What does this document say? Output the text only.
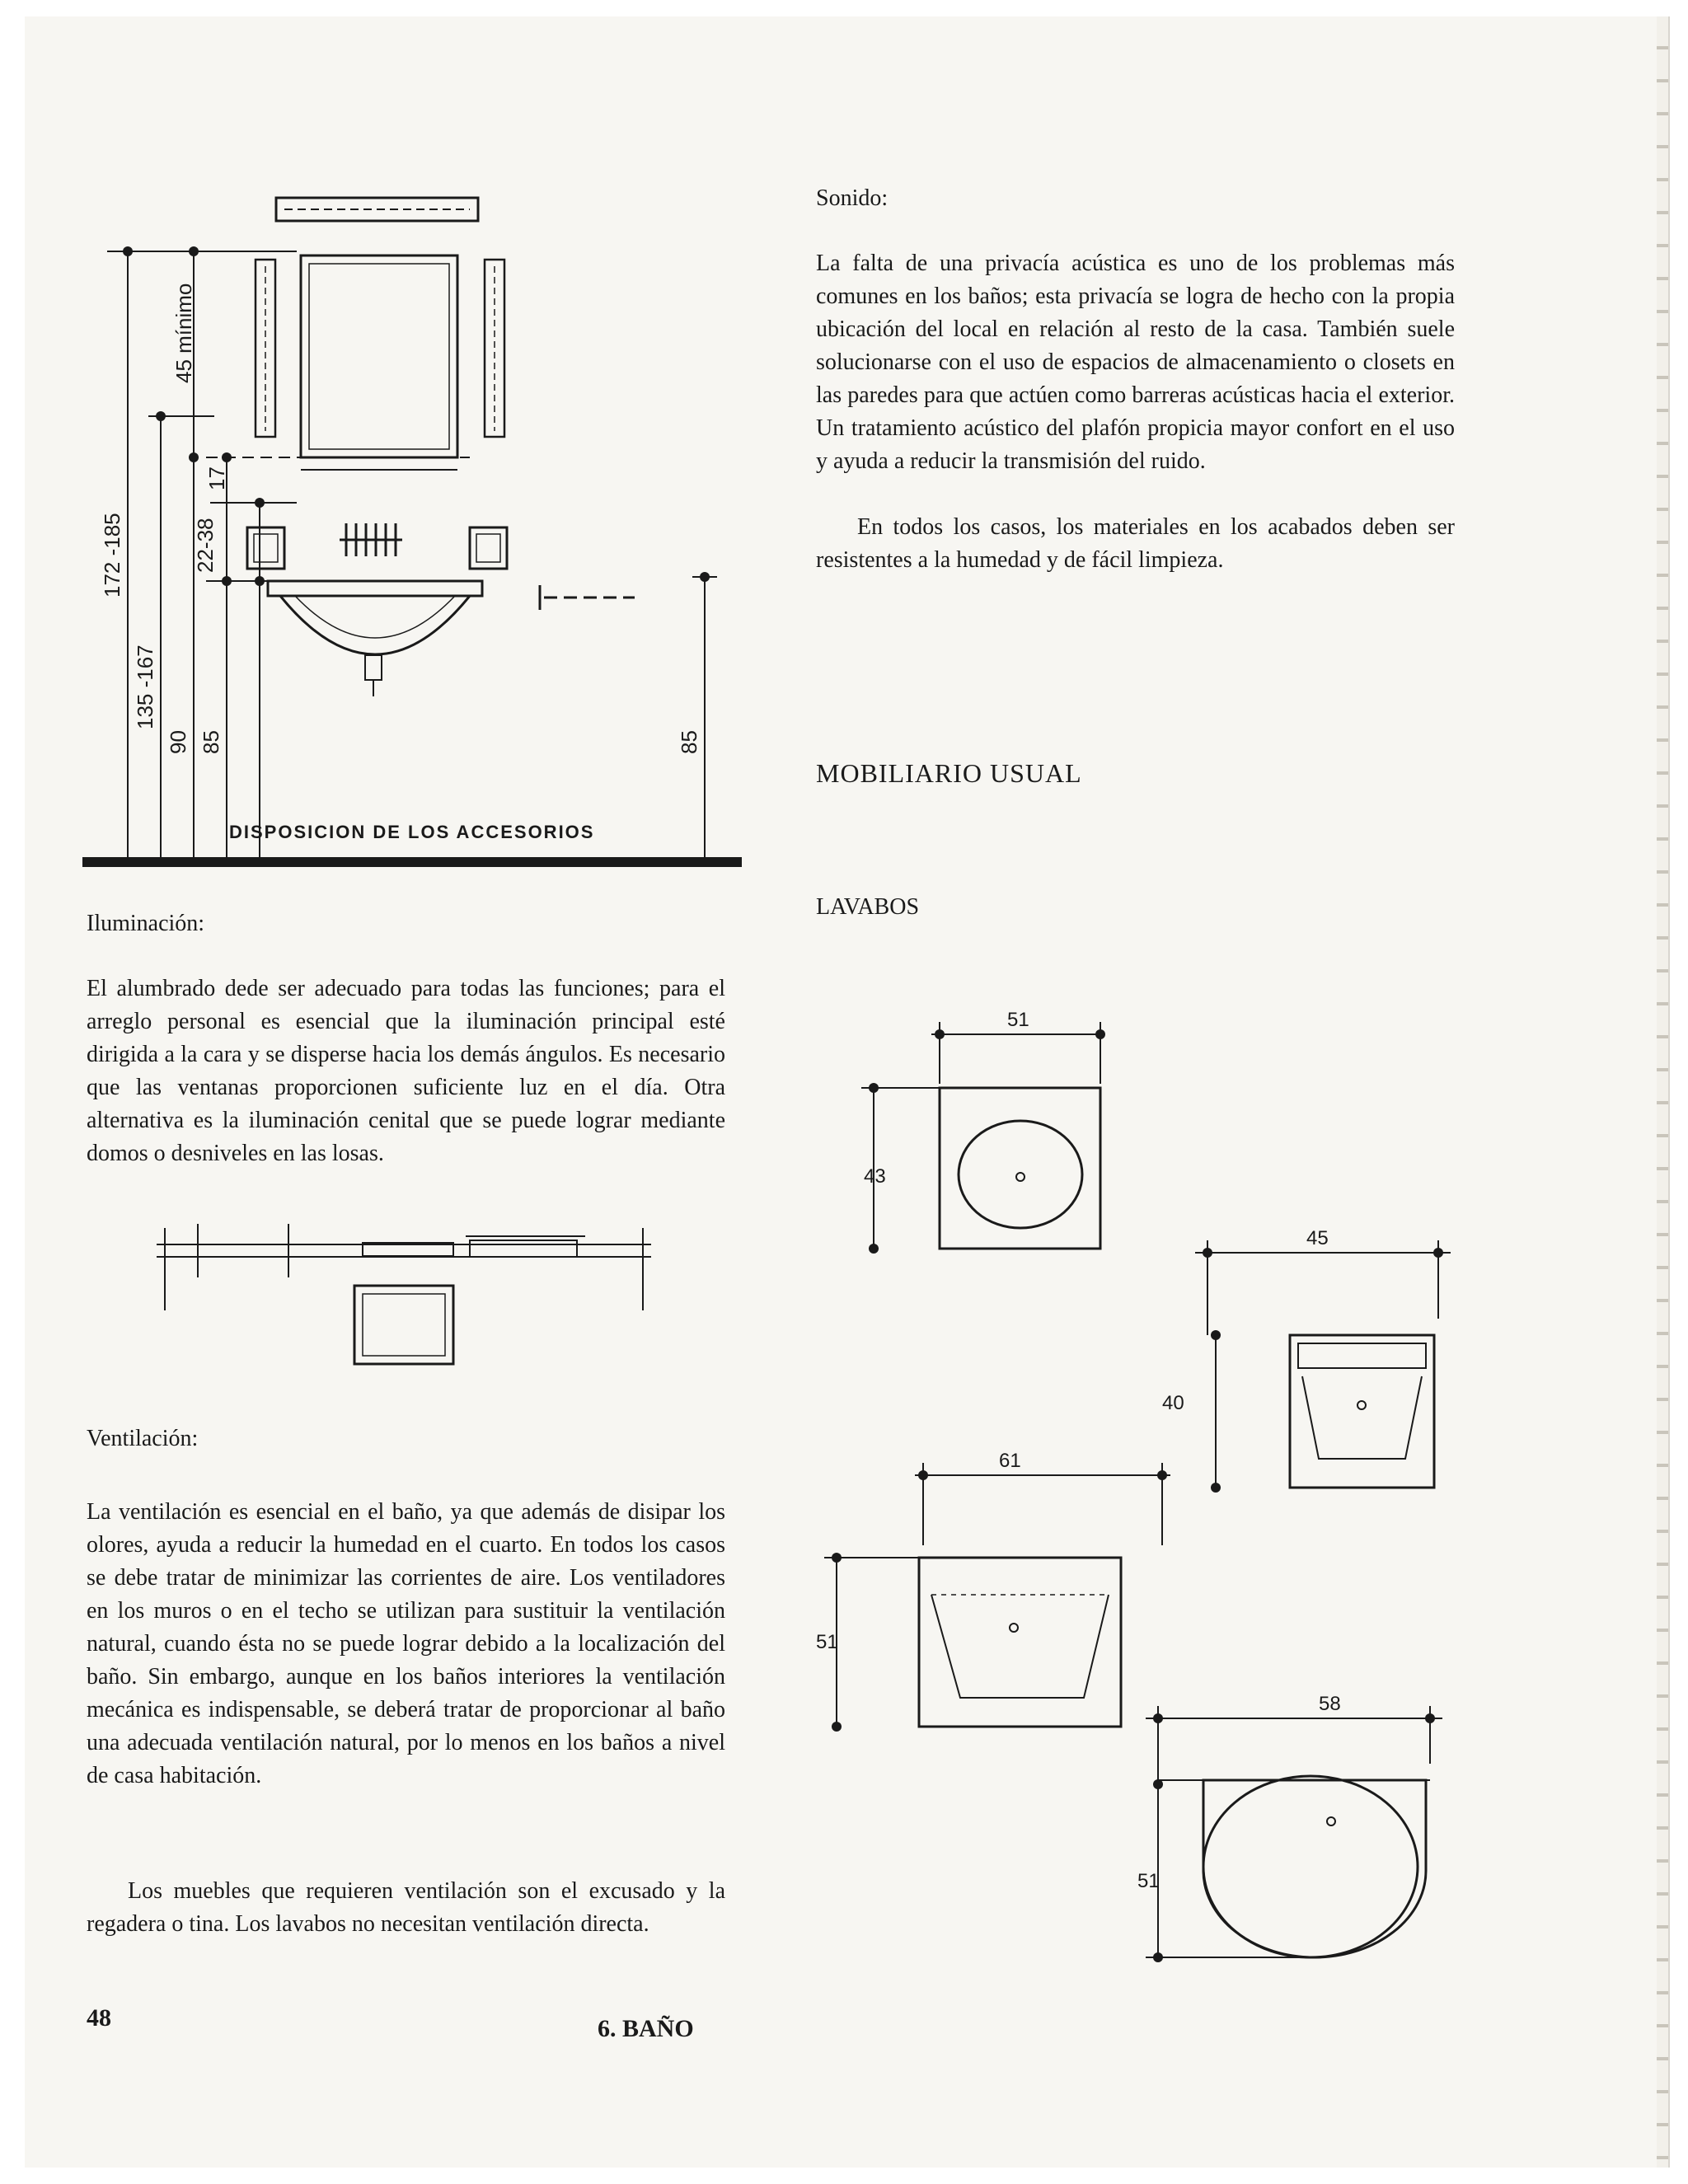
45 mínimo
17
22-38
172 -185
135 -167
90 85	85
DISPOSICION DE LOS ACCESORIOS
Iluminación:
El alumbrado dede ser adecuado para todas las funciones; para el arreglo personal es esencial que la iluminación principal esté dirigida a la cara y se disperse hacia los demás ángulos. Es necesario que las ventanas proporcionen suficiente luz en el día. Otra alternativa es la iluminación cenital que se puede lograr mediante domos o desniveles en las losas.
Ventilación:
La ventilación es esencial en el baño, ya que además de disipar los olores, ayuda a reducir la humedad en el cuarto. En todos los casos se debe tratar de minimizar las corrientes de aire. Los ventiladores en los muros o en el techo se utilizan para sustituir la ventilación natural, cuando ésta no se puede lograr debido a la localización del baño. Sin embargo, aunque en los baños interiores la ventilación mecánica es indispensable, se deberá tratar de proporcionar al baño una adecuada ventilación natural, por lo menos en los baños a nivel de casa habitación.
Los muebles que requieren ventilación son el excusado y la regadera o tina. Los lavabos no necesitan ventilación directa.
Sonido:
La falta de una privacía acústica es uno de los problemas más comunes en los baños; esta privacía se logra de hecho con la propia ubicación del local en relación al resto de la casa. También suele solucionarse con el uso de espacios de almacenamiento o closets en las paredes para que actúen como barreras acústicas hacia el exterior. Un tratamiento acústico del plafón propicia mayor confort en el uso y ayuda a reducir la transmisión del ruido.
En todos los casos, los materiales en los acabados deben ser resistentes a la humedad y de fácil limpieza.
MOBILIARIO USUAL
LAVABOS
51
43
45
40
61
51
58
51
48	6. BAÑO
